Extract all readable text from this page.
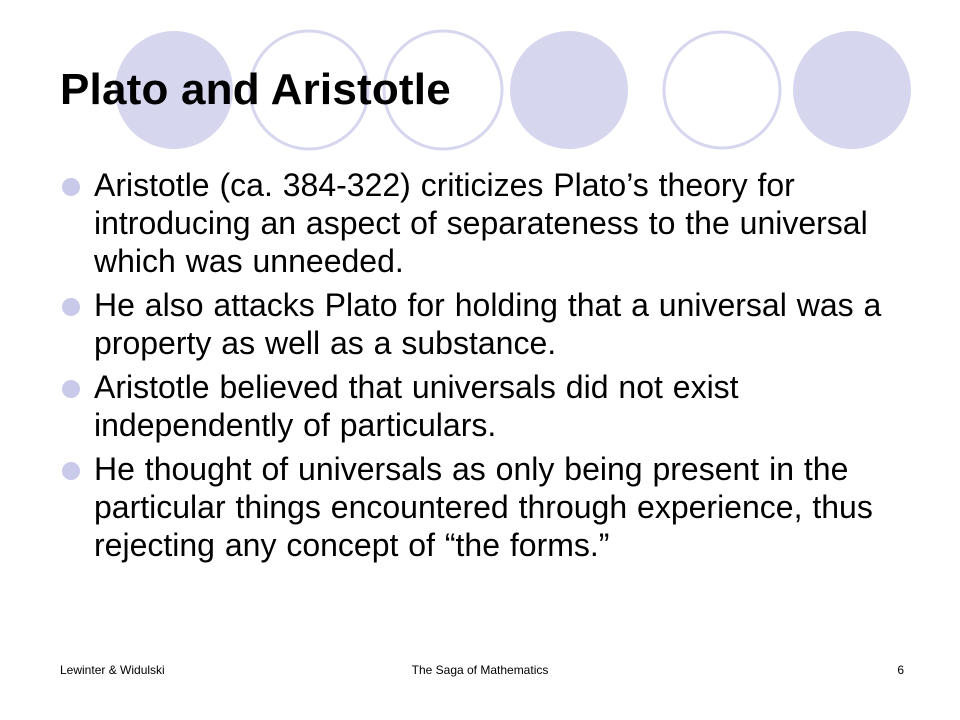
Plato and Aristotle
Aristotle (ca. 384-322) criticizes Plato’s theory for introducing an aspect of separateness to the universal which was unneeded.
He also attacks Plato for holding that a universal was a property as well as a substance.
Aristotle believed that universals did not exist independently of particulars.
He thought of universals as only being present in the particular things encountered through experience, thus rejecting any concept of “the forms.”
Lewinter & Widulski	The Saga of Mathematics	6
